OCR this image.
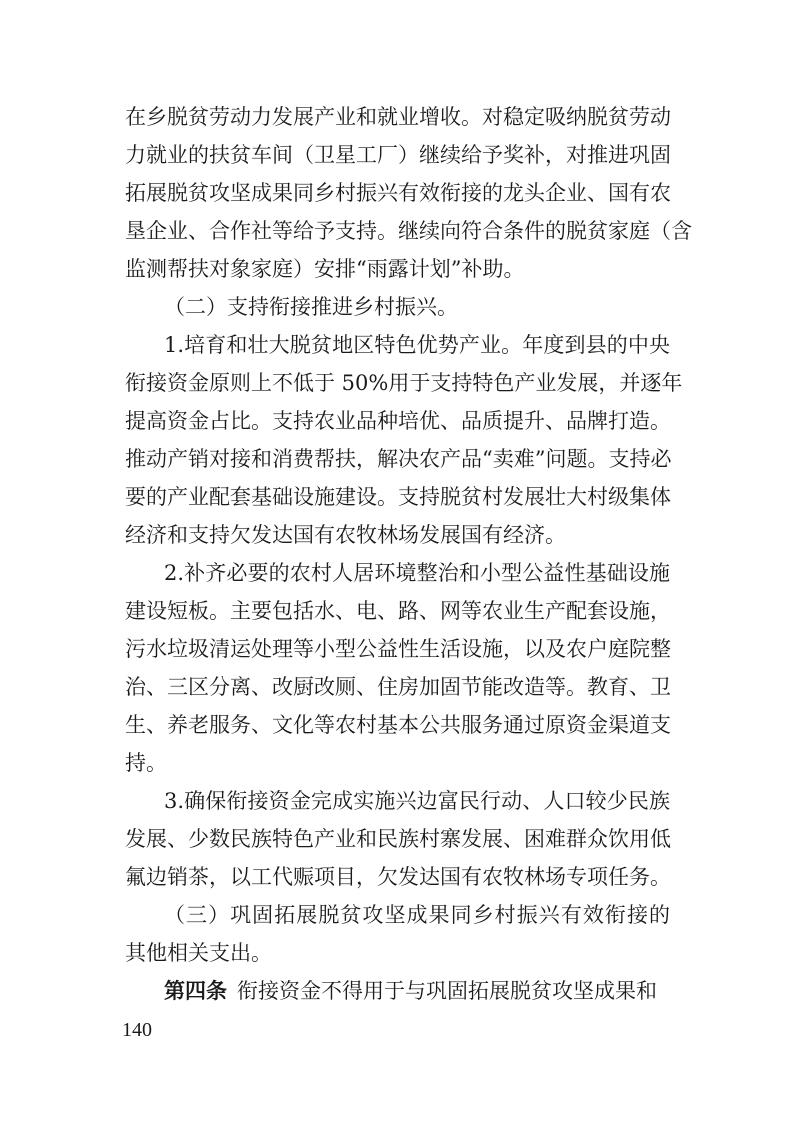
在乡脱贫劳动力发展产业和就业增收。对稳定吸纳脱贫劳动
力就业的扶贫车间（卫星工厂）继续给予奖补，对推进巩固
拓展脱贫攻坚成果同乡村振兴有效衔接的龙头企业、国有农
垦企业、合作社等给予支持。继续向符合条件的脱贫家庭（含
监测帮扶对象家庭）安排“雨露计划”补助。
（二）支持衔接推进乡村振兴。
1.培育和壮大脱贫地区特色优势产业。年度到县的中央
衔接资金原则上不低于 50%用于支持特色产业发展，并逐年
提高资金占比。支持农业品种培优、品质提升、品牌打造。
推动产销对接和消费帮扶，解决农产品“卖难”问题。支持必
要的产业配套基础设施建设。支持脱贫村发展壮大村级集体
经济和支持欠发达国有农牧林场发展国有经济。
2.补齐必要的农村人居环境整治和小型公益性基础设施
建设短板。主要包括水、电、路、网等农业生产配套设施，
污水垃圾清运处理等小型公益性生活设施，以及农户庭院整
治、三区分离、改厨改厕、住房加固节能改造等。教育、卫
生、养老服务、文化等农村基本公共服务通过原资金渠道支
持。
3.确保衔接资金完成实施兴边富民行动、人口较少民族
发展、少数民族特色产业和民族村寨发展、困难群众饮用低
氟边销茶，以工代赈项目，欠发达国有农牧林场专项任务。
（三）巩固拓展脱贫攻坚成果同乡村振兴有效衔接的
其他相关支出。
第四条 衔接资金不得用于与巩固拓展脱贫攻坚成果和
140
